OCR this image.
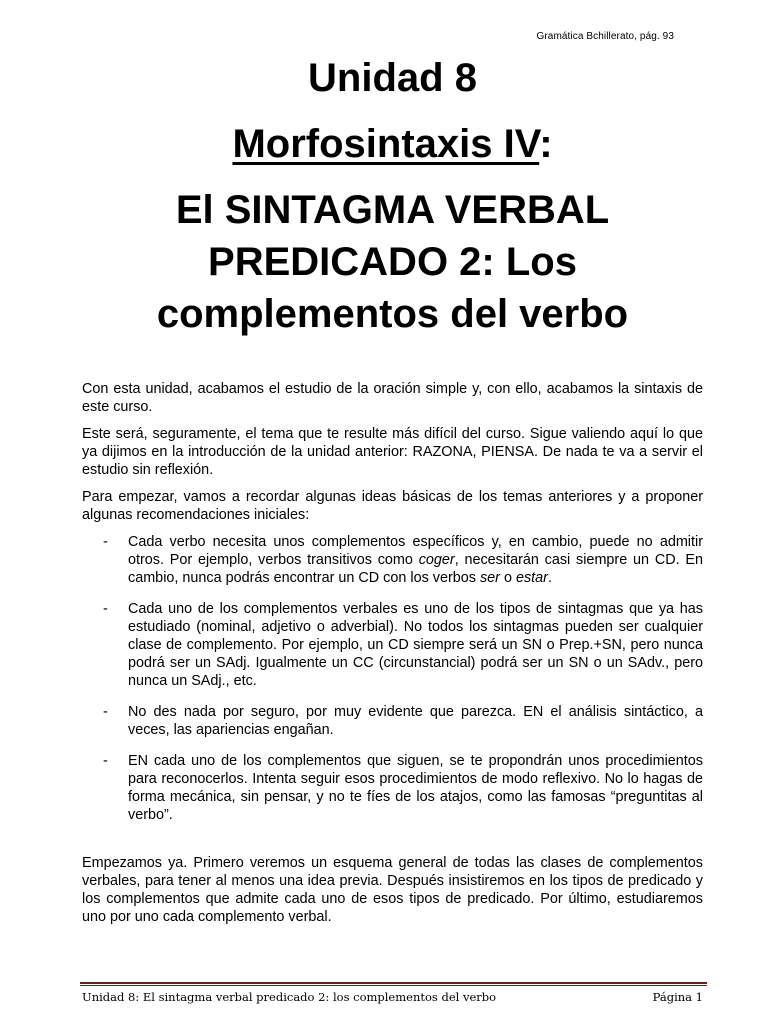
Gramática Bchillerato, pág. 93
Unidad 8
Morfosintaxis IV:
El SINTAGMA VERBAL PREDICADO 2: Los complementos del verbo

Con esta unidad, acabamos el estudio de la oración simple y, con ello, acabamos la sintaxis de este curso.

Este será, seguramente, el tema que te resulte más difícil del curso. Sigue valiendo aquí lo que ya dijimos en la introducción de la unidad anterior: RAZONA, PIENSA. De nada te va a servir el estudio sin reflexión.

Para empezar, vamos a recordar algunas ideas básicas de los temas anteriores y a proponer algunas recomendaciones iniciales:

- Cada verbo necesita unos complementos específicos y, en cambio, puede no admitir otros. Por ejemplo, verbos transitivos como coger, necesitarán casi siempre un CD. En cambio, nunca podrás encontrar un CD con los verbos ser o estar.
- Cada uno de los complementos verbales es uno de los tipos de sintagmas que ya has estudiado (nominal, adjetivo o adverbial). No todos los sintagmas pueden ser cualquier clase de complemento. Por ejemplo, un CD siempre será un SN o Prep.+SN, pero nunca podrá ser un SAdj. Igualmente un CC (circunstancial) podrá ser un SN o un SAdv., pero nunca un SAdj., etc.
- No des nada por seguro, por muy evidente que parezca. EN el análisis sintáctico, a veces, las apariencias engañan.
- EN cada uno de los complementos que siguen, se te propondrán unos procedimientos para reconocerlos. Intenta seguir esos procedimientos de modo reflexivo. No lo hagas de forma mecánica, sin pensar, y no te fíes de los atajos, como las famosas “preguntitas al verbo”.

Empezamos ya. Primero veremos un esquema general de todas las clases de complementos verbales, para tener al menos una idea previa. Después insistiremos en los tipos de predicado y los complementos que admite cada uno de esos tipos de predicado. Por último, estudiaremos uno por uno cada complemento verbal.

Unidad 8: El sintagma verbal predicado 2: los complementos del verbo	Página 1
